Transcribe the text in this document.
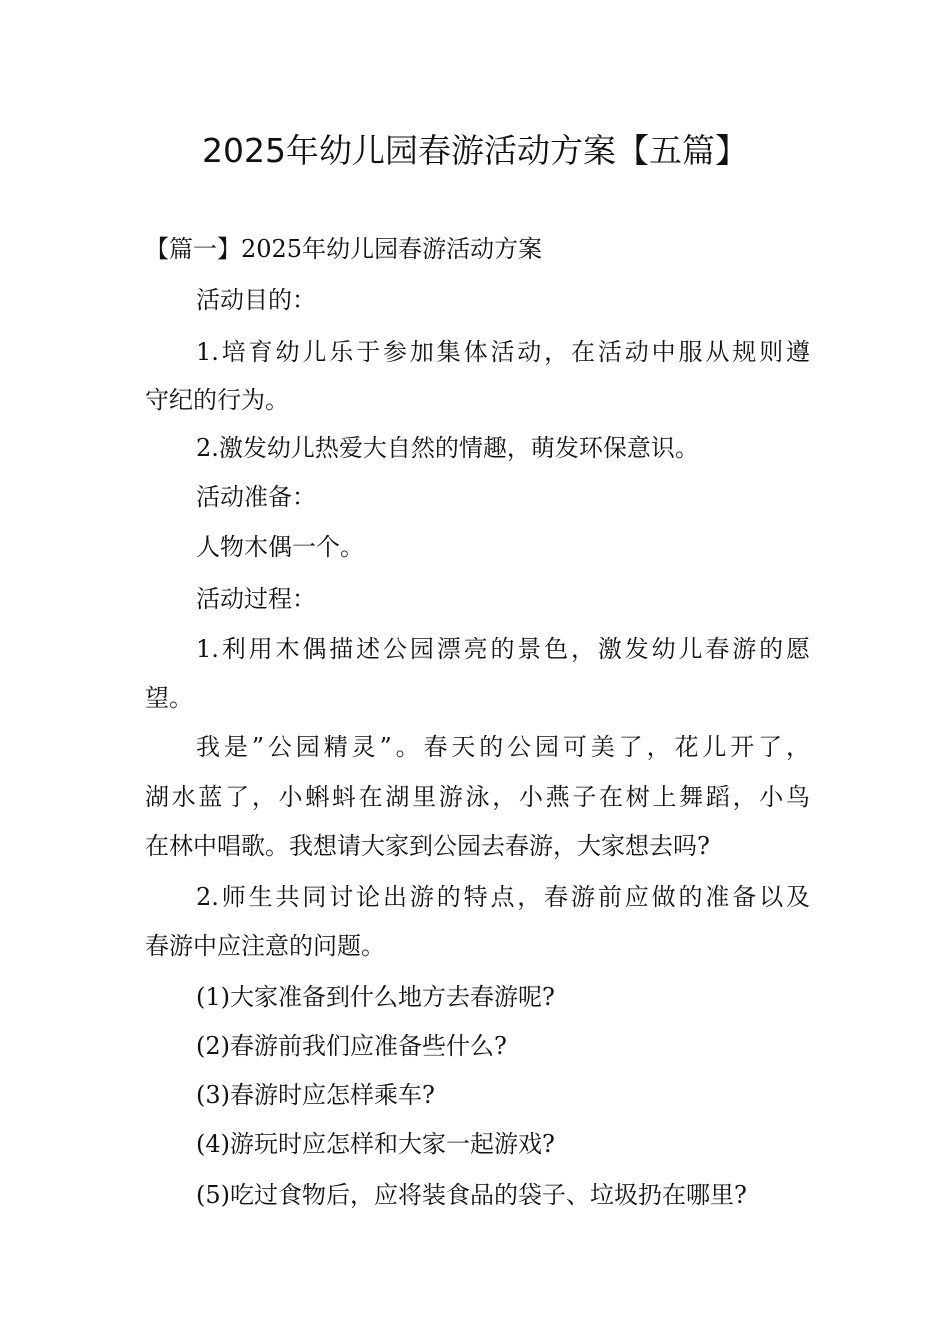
2025年幼儿园春游活动方案【五篇】
【篇一】2025年幼儿园春游活动方案
活动目的：
1.培育幼儿乐于参加集体活动，在活动中服从规则遵
守纪的行为。
2.激发幼儿热爱大自然的情趣，萌发环保意识。
活动准备：
人物木偶一个。
活动过程：
1.利用木偶描述公园漂亮的景色，激发幼儿春游的愿
望。
我是”公园精灵”。春天的公园可美了，花儿开了，
湖水蓝了，小蝌蚪在湖里游泳，小燕子在树上舞蹈，小鸟
在林中唱歌。我想请大家到公园去春游，大家想去吗?
2.师生共同讨论出游的特点，春游前应做的准备以及
春游中应注意的问题。
(1)大家准备到什么地方去春游呢?
(2)春游前我们应准备些什么?
(3)春游时应怎样乘车?
(4)游玩时应怎样和大家一起游戏?
(5)吃过食物后，应将装食品的袋子、垃圾扔在哪里?
